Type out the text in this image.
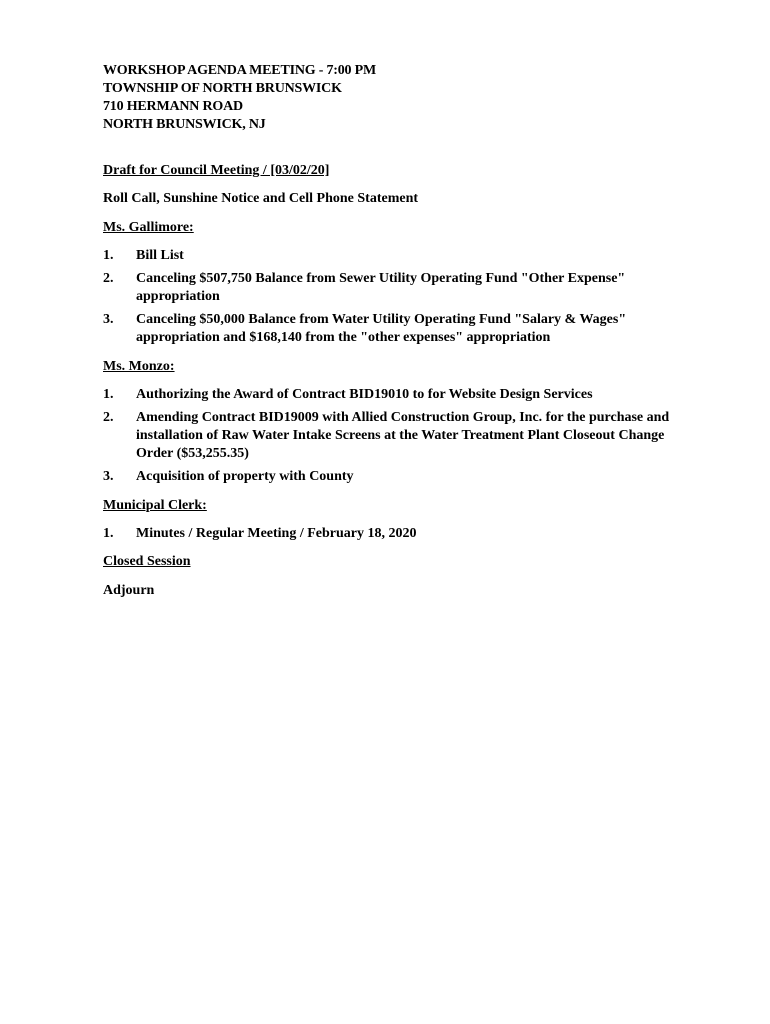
WORKSHOP AGENDA MEETING - 7:00 PM

TOWNSHIP OF NORTH BRUNSWICK

710 HERMANN ROAD

NORTH BRUNSWICK, NJ

Draft for Council Meeting / [03/02/20]

Roll Call, Sunshine Notice and Cell Phone Statement

Ms. Gallimore:

1. Bill List
2. Canceling $507,750 Balance from Sewer Utility Operating Fund "Other Expense" appropriation
3. Canceling $50,000 Balance from Water Utility Operating Fund "Salary & Wages" appropriation and $168,140 from the "other expenses" appropriation

Ms. Monzo:

1. Authorizing the Award of Contract BID19010 to for Website Design Services
2. Amending Contract BID19009 with Allied Construction Group, Inc. for the purchase and installation of Raw Water Intake Screens at the Water Treatment Plant Closeout Change Order ($53,255.35)
3. Acquisition of property with County

Municipal Clerk:

1. Minutes / Regular Meeting / February 18, 2020

Closed Session

Adjourn
